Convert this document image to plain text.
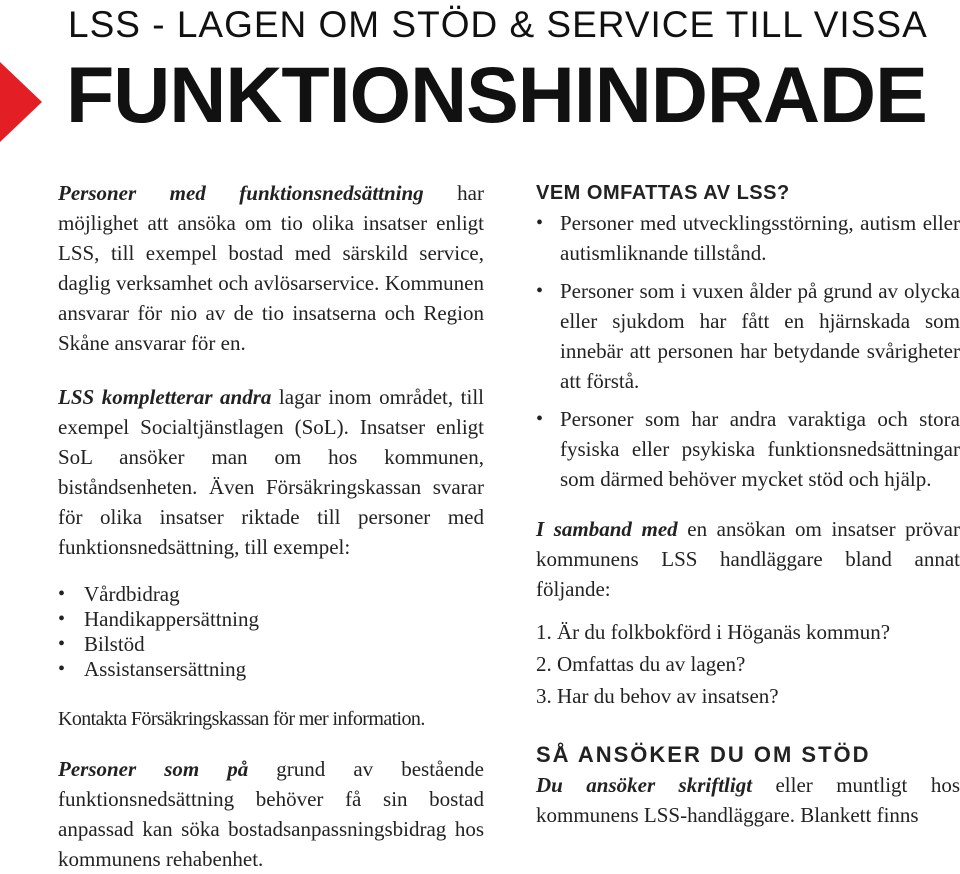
LSS - LAGEN OM STÖD & SERVICE TILL VISSA
FUNKTIONSHINDRADE

Personer med funktionsnedsättning har möjlighet att ansöka om tio olika insatser enligt LSS, till exempel bostad med särskild service, daglig verksamhet och avlösarservice. Kommunen ansvarar för nio av de tio insatserna och Region Skåne ansvarar för en.

LSS kompletterar andra lagar inom området, till exempel Socialtjänstlagen (SoL). Insatser enligt SoL ansöker man om hos kommunen, biståndsenheten. Även Försäkringskassan svarar för olika insatser riktade till personer med funktionsnedsättning, till exempel:

• Vårdbidrag
• Handikappersättning
• Bilstöd
• Assistansersättning

Kontakta Försäkringskassan för mer information.

Personer som på grund av bestående funktionsnedsättning behöver få sin bostad anpassad kan söka bostadsanpassningsbidrag hos kommunens rehabenhet.

VEM OMFATTAS AV LSS?
• Personer med utvecklingsstörning, autism eller autismliknande tillstånd.
• Personer som i vuxen ålder på grund av olycka eller sjukdom har fått en hjärnskada som innebär att personen har betydande svårigheter att förstå.
• Personer som har andra varaktiga och stora fysiska eller psykiska funktionsnedsättningar som därmed behöver mycket stöd och hjälp.

I samband med en ansökan om insatser prövar kommunens LSS handläggare bland annat följande:

1. Är du folkbokförd i Höganäs kommun?
2. Omfattas du av lagen?
3. Har du behov av insatsen?
SÅ ANSÖKER DU OM STÖD

Du ansöker skriftligt eller muntligt hos kommunens LSS-handläggare. Blankett finns
